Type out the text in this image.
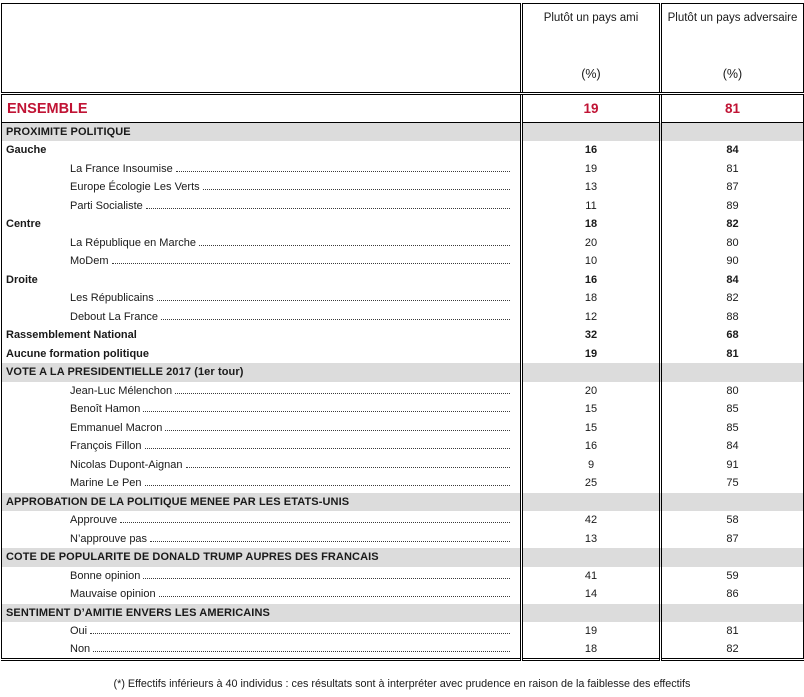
Plutôt un pays ami
(%)

Plutôt un pays adversaire
(%)

ENSEMBLE	19	81

PROXIMITE POLITIQUE		

Gauche	16	84

La France Insoumise	19	81

Europe Écologie Les Verts	13	87

Parti Socialiste	11	89

Centre	18	82

La République en Marche	20	80

MoDem	10	90

Droite	16	84

Les Républicains	18	82

Debout La France	12	88

Rassemblement National	32	68

Aucune formation politique	19	81

VOTE A LA PRESIDENTIELLE 2017 (1er tour)		

Jean-Luc Mélenchon	20	80

Benoît Hamon	15	85

Emmanuel Macron	15	85

François Fillon	16	84

Nicolas Dupont-Aignan	9	91

Marine Le Pen	25	75

APPROBATION DE LA POLITIQUE MENEE PAR LES ETATS-UNIS		

Approuve	42	58

N’approuve pas	13	87

COTE DE POPULARITE DE DONALD TRUMP AUPRES DES FRANCAIS		

Bonne opinion	41	59

Mauvaise opinion	14	86

SENTIMENT D’AMITIE ENVERS LES AMERICAINS		

Oui	19	81

Non	18	82
(*) Effectifs inférieurs à 40 individus : ces résultats sont à interpréter avec prudence en raison de la faiblesse des effectifs
